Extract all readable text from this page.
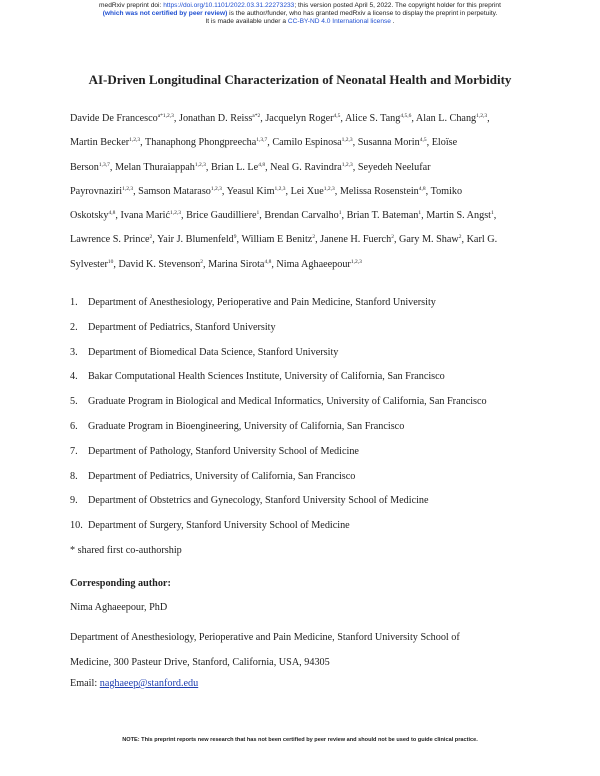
medRxiv preprint doi: https://doi.org/10.1101/2022.03.31.22273233; this version posted April 5, 2022. The copyright holder for this preprint
(which was not certified by peer review) is the author/funder, who has granted medRxiv a license to display the preprint in perpetuity.
It is made available under a CC-BY-ND 4.0 International license .
AI-Driven Longitudinal Characterization of Neonatal Health and Morbidity
Davide De Francesco$^{a*1,2,3}$, Jonathan D. Reiss$^{a*2}$, Jacquelyn Roger$^{4,5}$, Alice S. Tang$^{4,5,6}$, Alan L. Chang$^{1,2,3}$,
Martin Becker$^{1,2,3}$, Thanaphong Phongpreecha$^{1,3,7}$, Camilo Espinosa$^{1,2,3}$, Susanna Morin$^{4,5}$, Eloïse
Berson$^{1,3,7}$, Melan Thuraiappah$^{1,2,3}$, Brian L. Le$^{4,8}$, Neal G. Ravindra$^{1,2,3}$, Seyedeh Neelufar
Payrovnaziri$^{1,2,3}$, Samson Mataraso$^{1,2,3}$, Yeasul Kim$^{1,2,3}$, Lei Xue$^{1,2,3}$, Melissa Rosenstein$^{4,8}$, Tomiko
Oskotsky$^{4,8}$, Ivana Marić$^{1,2,3}$, Brice Gaudilliere$^1$, Brendan Carvalho$^1$, Brian T. Bateman$^1$, Martin S. Angst$^1$,
Lawrence S. Prince$^2$, Yair J. Blumenfeld$^9$, William E Benitz$^2$, Janene H. Fuerch$^2$, Gary M. Shaw$^2$, Karl G.
Sylvester$^{10}$, David K. Stevenson$^2$, Marina Sirota$^{4,8}$, Nima Aghaeepour$^{1,2,3}$
1. Department of Anesthesiology, Perioperative and Pain Medicine, Stanford University
2. Department of Pediatrics, Stanford University
3. Department of Biomedical Data Science, Stanford University
4. Bakar Computational Health Sciences Institute, University of California, San Francisco
5. Graduate Program in Biological and Medical Informatics, University of California, San Francisco
6. Graduate Program in Bioengineering, University of California, San Francisco
7. Department of Pathology, Stanford University School of Medicine
8. Department of Pediatrics, University of California, San Francisco
9. Department of Obstetrics and Gynecology, Stanford University School of Medicine
10. Department of Surgery, Stanford University School of Medicine
* shared first co-authorship
Corresponding author:
Nima Aghaeepour, PhD
Department of Anesthesiology, Perioperative and Pain Medicine, Stanford University School of
Medicine, 300 Pasteur Drive, Stanford, California, USA, 94305
Email: naghaeep@stanford.edu
NOTE: This preprint reports new research that has not been certified by peer review and should not be used to guide clinical practice.
